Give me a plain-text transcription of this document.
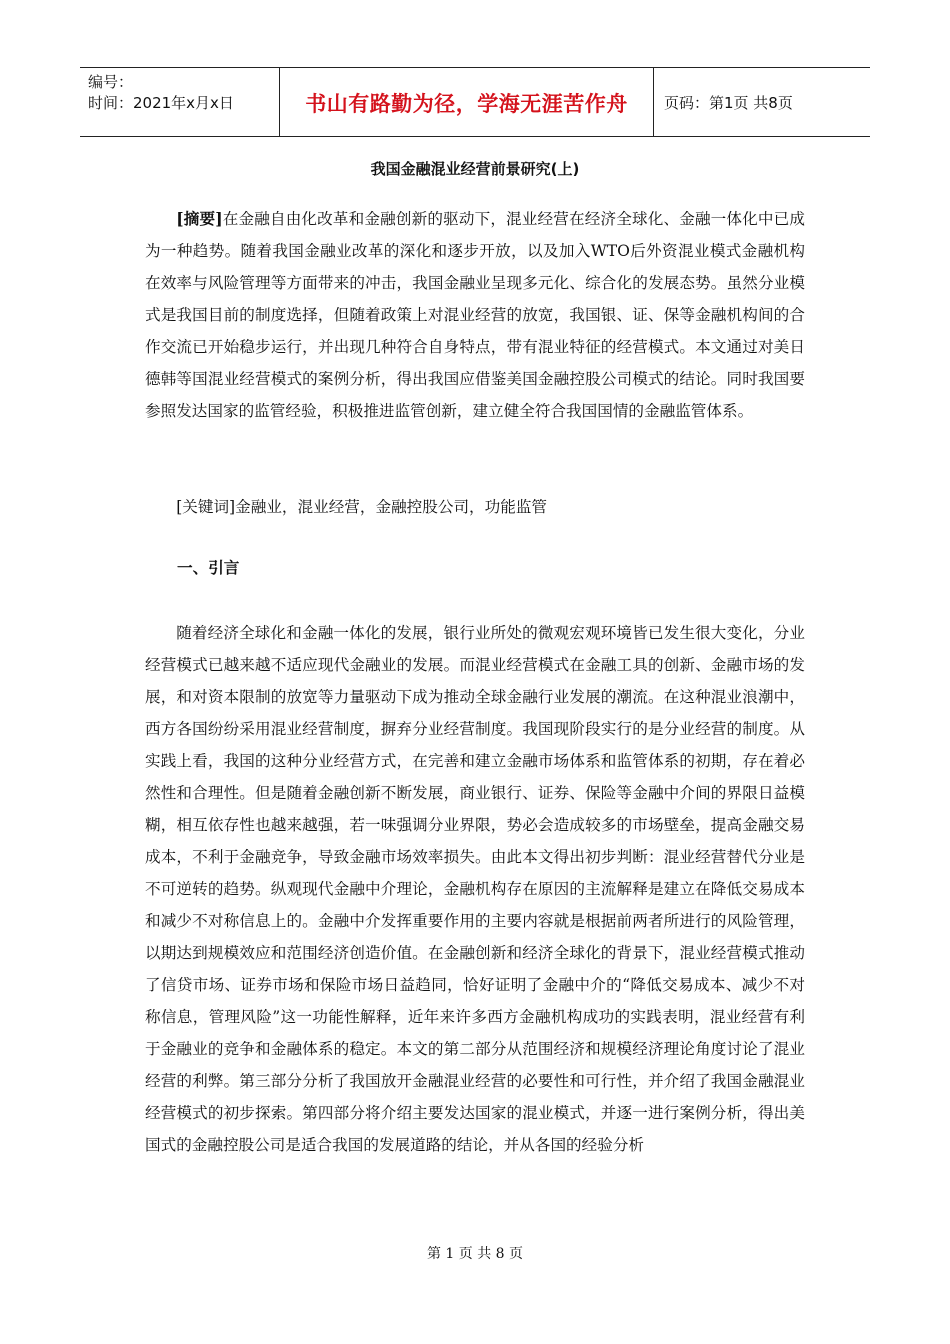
编号：
时间：2021年x月x日	书山有路勤为径，学海无涯苦作舟 页码：第1页 共8页
我国金融混业经营前景研究(上)

[摘要]在金融自由化改革和金融创新的驱动下，混业经营在经济全球化、金融一体化中已成为一种趋势。随着我国金融业改革的深化和逐步开放，以及加入WTO后外资混业模式金融机构在效率与风险管理等方面带来的冲击，我国金融业呈现多元化、综合化的发展态势。虽然分业模式是我国目前的制度选择，但随着政策上对混业经营的放宽，我国银、证、保等金融机构间的合作交流已开始稳步运行，并出现几种符合自身特点，带有混业特征的经营模式。本文通过对美日德韩等国混业经营模式的案例分析，得出我国应借鉴美国金融控股公司模式的结论。同时我国要参照发达国家的监管经验，积极推进监管创新，建立健全符合我国国情的金融监管体系。

[关键词]金融业，混业经营，金融控股公司，功能监管

一、引言

随着经济全球化和金融一体化的发展，银行业所处的微观宏观环境皆已发生很大变化，分业经营模式已越来越不适应现代金融业的发展。而混业经营模式在金融工具的创新、金融市场的发展，和对资本限制的放宽等力量驱动下成为推动全球金融行业发展的潮流。在这种混业浪潮中，西方各国纷纷采用混业经营制度，摒弃分业经营制度。我国现阶段实行的是分业经营的制度。从实践上看，我国的这种分业经营方式，在完善和建立金融市场体系和监管体系的初期，存在着必然性和合理性。但是随着金融创新不断发展，商业银行、证券、保险等金融中介间的界限日益模糊，相互依存性也越来越强，若一味强调分业界限，势必会造成较多的市场壁垒，提高金融交易成本，不利于金融竞争，导致金融市场效率损失。由此本文得出初步判断：混业经营替代分业是不可逆转的趋势。纵观现代金融中介理论，金融机构存在原因的主流解释是建立在降低交易成本和减少不对称信息上的。金融中介发挥重要作用的主要内容就是根据前两者所进行的风险管理，以期达到规模效应和范围经济创造价值。在金融创新和经济全球化的背景下，混业经营模式推动了信贷市场、证券市场和保险市场日益趋同，恰好证明了金融中介的“降低交易成本、减少不对称信息，管理风险”这一功能性解释，近年来许多西方金融机构成功的实践表明，混业经营有利于金融业的竞争和金融体系的稳定。本文的第二部分从范围经济和规模经济理论角度讨论了混业经营的利弊。第三部分分析了我国放开金融混业经营的必要性和可行性，并介绍了我国金融混业经营模式的初步探索。第四部分将介绍主要发达国家的混业模式，并逐一进行案例分析，得出美国式的金融控股公司是适合我国的发展道路的结论，并从各国的经验分析

第 1 页 共 8 页
